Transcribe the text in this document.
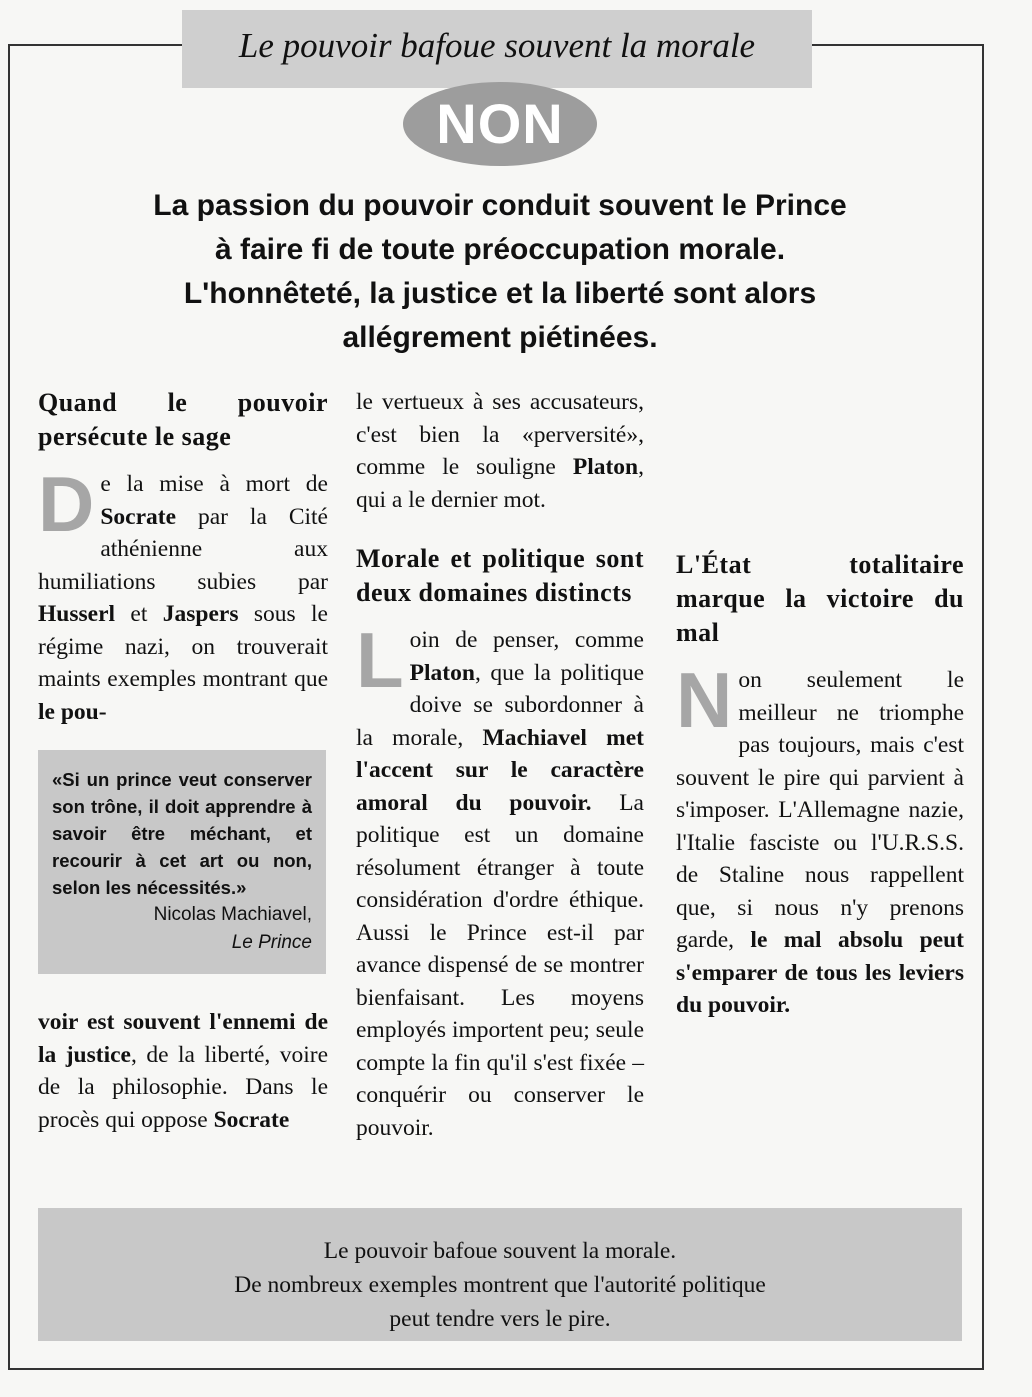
Le pouvoir bafoue souvent la morale
NON
La passion du pouvoir conduit souvent le Prince
à faire fi de toute préoccupation morale.
L'honnêteté, la justice et la liberté sont alors
allégrement piétinées.
Quand le pouvoir persécute le sage

De la mise à mort de Socrate par la Cité athénienne aux humiliations subies par Husserl et Jaspers sous le régime nazi, on trouverait maints exemples montrant que le pou-

«Si un prince veut conserver son trône, il doit apprendre à savoir être méchant, et recourir à cet art ou non, selon les nécessités.»

Nicolas Machiavel,

Le Prince

voir est souvent l'ennemi de la justice, de la liberté, voire de la philosophie. Dans le procès qui oppose Socrate

le vertueux à ses accusateurs, c'est bien la «perversité», comme le souligne Platon, qui a le dernier mot.

Morale et politique sont deux domaines distincts

Loin de penser, comme Platon, que la politique doive se subordonner à la morale, Machiavel met l'accent sur le caractère amoral du pouvoir. La politique est un domaine résolument étranger à toute considération d'ordre éthique. Aussi le Prince est-il par avance dispensé de se montrer bienfaisant. Les moyens employés importent peu; seule compte la fin qu'il s'est fixée – conquérir ou conserver le pouvoir.

L'État totalitaire marque la victoire du mal

Non seulement le meilleur ne triomphe pas toujours, mais c'est souvent le pire qui parvient à s'imposer. L'Allemagne nazie, l'Italie fasciste ou l'U.R.S.S. de Staline nous rappellent que, si nous n'y prenons garde, le mal absolu peut s'emparer de tous les leviers du pouvoir.

Le pouvoir bafoue souvent la morale.

De nombreux exemples montrent que l'autorité politique

peut tendre vers le pire.
